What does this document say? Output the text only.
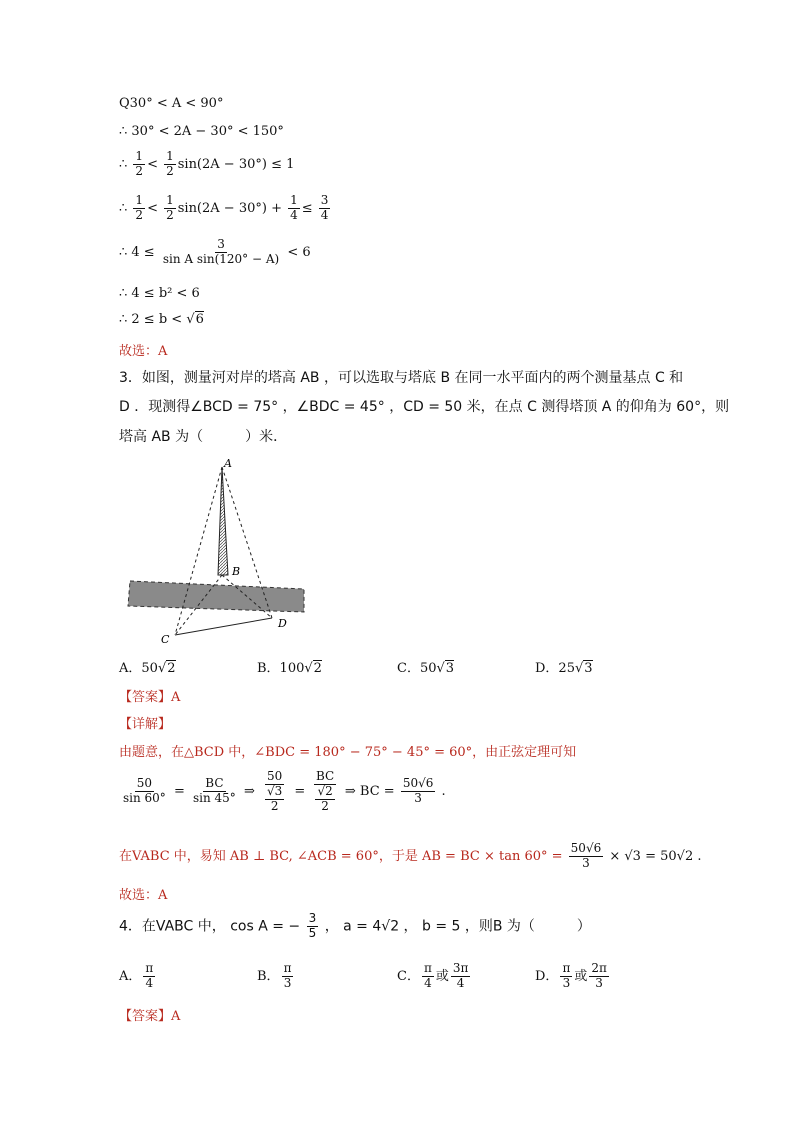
Q30° < A < 90°
∴ 30° < 2A − 30° < 150°
∴ $\frac{1}{2} < \frac{1}{2} \sin(2A - 30^\circ) \le 1$
∴ $\frac{1}{2} < \frac{1}{2} \sin(2A - 30^\circ) + \frac{1}{4} \le \frac{3}{4}$
∴ $4 \le \frac{3}{\text{sin A sin(120° − A)}} < 6$
∴ 4 ≤ b² < 6
∴ 2 ≤ b < √6
故选：A
3．如图，测量河对岸的塔高 AB ，可以选取与塔底 B 在同一水平面内的两个测量基点 C 和
D ．现测得∠BCD = 75° ，∠BDC = 45° ，CD = 50 米，在点 C 测得塔顶 A 的仰角为 60°，则
塔高 AB 为（　　　）米．
A
B
C
D
A．50√2	B．100√2	C．50√3	D．25√3
【答案】A
【详解】
由题意，在△BCD 中，∠BDC = 180° − 75° − 45° = 60°，由正弦定理可知
$\frac{50}{\sin 60^\circ} = \frac{BC}{\sin 45^\circ}$ ⇒ $\frac{50}{\frac{√3}{2}} = \frac{BC}{\frac{√2}{2}}$ ⇒ BC = $\frac{50√6}{3}$ .
在VABC 中，易知 AB ⊥ BC, ∠ACB = 60°，于是 AB = BC × $\tan 60^\circ = \frac{50√6}{3} \times √3 = 50√2$ .
故选：A
4．在VABC 中， cos A = − $\frac{3}{5}$ ， a = 4√2 ， b = 5 ，则B 为（　　　）
A． $\frac{\pi}{4}$	B． $\frac{\pi}{3}$	C． $\frac{\pi}{4}$ 或 $\frac{3\pi}{4}$	D． $\frac{\pi}{3}$ 或 $\frac{2\pi}{3}$
【答案】A
